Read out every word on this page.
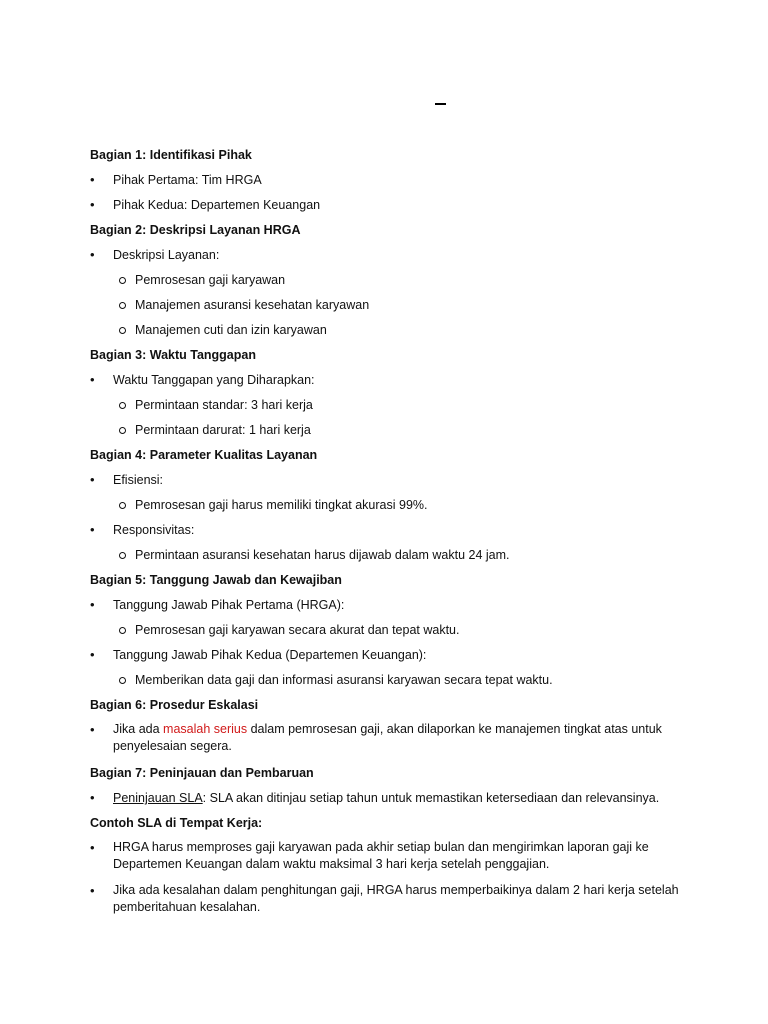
Bagian 1: Identifikasi Pihak
• Pihak Pertama: Tim HRGA
• Pihak Kedua: Departemen Keuangan
Bagian 2: Deskripsi Layanan HRGA
• Deskripsi Layanan:
Pemrosesan gaji karyawan
Manajemen asuransi kesehatan karyawan
Manajemen cuti dan izin karyawan
Bagian 3: Waktu Tanggapan
• Waktu Tanggapan yang Diharapkan:
Permintaan standar: 3 hari kerja
Permintaan darurat: 1 hari kerja
Bagian 4: Parameter Kualitas Layanan
• Efisiensi:
Pemrosesan gaji harus memiliki tingkat akurasi 99%.
• Responsivitas:
Permintaan asuransi kesehatan harus dijawab dalam waktu 24 jam.
Bagian 5: Tanggung Jawab dan Kewajiban
• Tanggung Jawab Pihak Pertama (HRGA):
Pemrosesan gaji karyawan secara akurat dan tepat waktu.
• Tanggung Jawab Pihak Kedua (Departemen Keuangan):
Memberikan data gaji dan informasi asuransi karyawan secara tepat waktu.
Bagian 6: Prosedur Eskalasi
• Jika ada masalah serius dalam pemrosesan gaji, akan dilaporkan ke manajemen tingkat atas untuk penyelesaian segera.
Bagian 7: Peninjauan dan Pembaruan
• Peninjauan SLA: SLA akan ditinjau setiap tahun untuk memastikan ketersediaan dan relevansinya.
Contoh SLA di Tempat Kerja:
• HRGA harus memproses gaji karyawan pada akhir setiap bulan dan mengirimkan laporan gaji ke Departemen Keuangan dalam waktu maksimal 3 hari kerja setelah penggajian.
• Jika ada kesalahan dalam penghitungan gaji, HRGA harus memperbaikinya dalam 2 hari kerja setelah pemberitahuan kesalahan.
